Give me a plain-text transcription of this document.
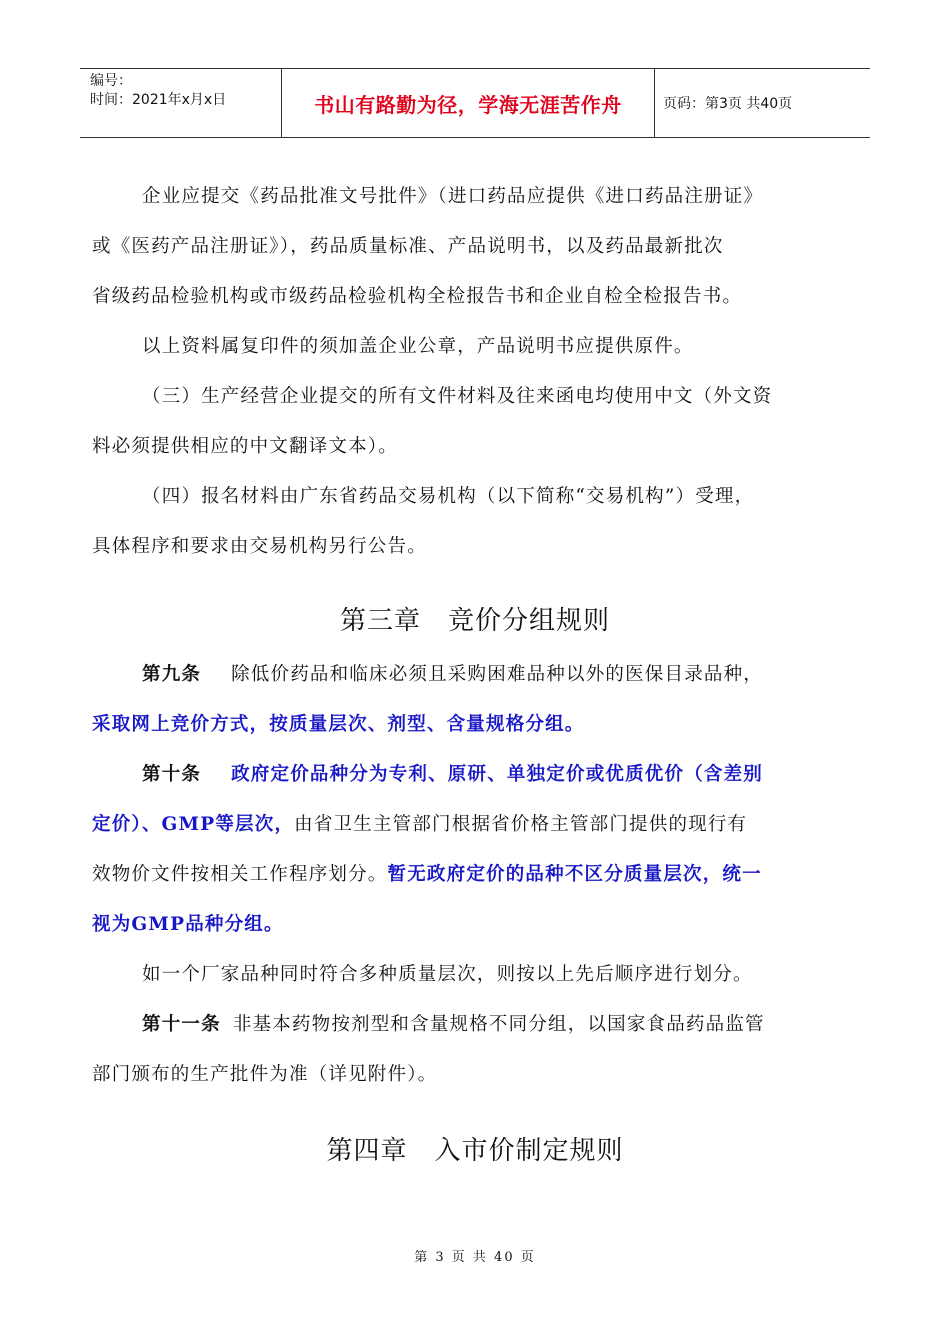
编号：
时间：2021年x月x日	书山有路勤为径，学海无涯苦作舟	页码：第3页 共40页
企业应提交《药品批准文号批件》（进口药品应提供《进口药品注册证》
或《医药产品注册证》），药品质量标准、产品说明书，以及药品最新批次
省级药品检验机构或市级药品检验机构全检报告书和企业自检全检报告书。
以上资料属复印件的须加盖企业公章，产品说明书应提供原件。
（三）生产经营企业提交的所有文件材料及往来函电均使用中文（外文资
料必须提供相应的中文翻译文本）。
（四）报名材料由广东省药品交易机构（以下简称“交易机构”）受理，
具体程序和要求由交易机构另行公告。
第三章　竞价分组规则
第九条 除低价药品和临床必须且采购困难品种以外的医保目录品种，
采取网上竞价方式，按质量层次、剂型、含量规格分组。
第十条 政府定价品种分为专利、原研、单独定价或优质优价（含差别
定价）、GMP等层次，由省卫生主管部门根据省价格主管部门提供的现行有
效物价文件按相关工作程序划分。暂无政府定价的品种不区分质量层次，统一
视为GMP品种分组。
如一个厂家品种同时符合多种质量层次，则按以上先后顺序进行划分。
第十一条 非基本药物按剂型和含量规格不同分组，以国家食品药品监管
部门颁布的生产批件为准（详见附件）。
第四章　入市价制定规则
第 3 页 共 40 页
